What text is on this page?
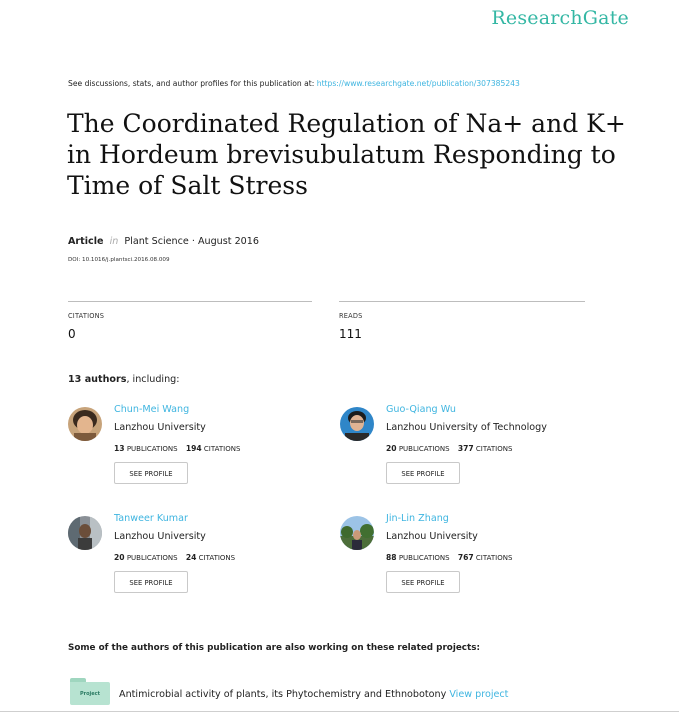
ResearchGate
See discussions, stats, and author profiles for this publication at: https://www.researchgate.net/publication/307385243
The Coordinated Regulation of Na+ and K+ in Hordeum brevisubulatum Responding to Time of Salt Stress
Article in Plant Science · August 2016
DOI: 10.1016/j.plantsci.2016.08.009
CITATIONS
0
READS
111
13 authors, including:
Chun-Mei Wang
Lanzhou University
13 PUBLICATIONS 194 CITATIONS
SEE PROFILE
Guo-Qiang Wu
Lanzhou University of Technology
20 PUBLICATIONS 377 CITATIONS
SEE PROFILE
Tanweer Kumar
Lanzhou University
20 PUBLICATIONS 24 CITATIONS
SEE PROFILE
Jin-Lin Zhang
Lanzhou University
88 PUBLICATIONS 767 CITATIONS
SEE PROFILE
Some of the authors of this publication are also working on these related projects:
Project	Antimicrobial activity of plants, its Phytochemistry and Ethnobotony View project
